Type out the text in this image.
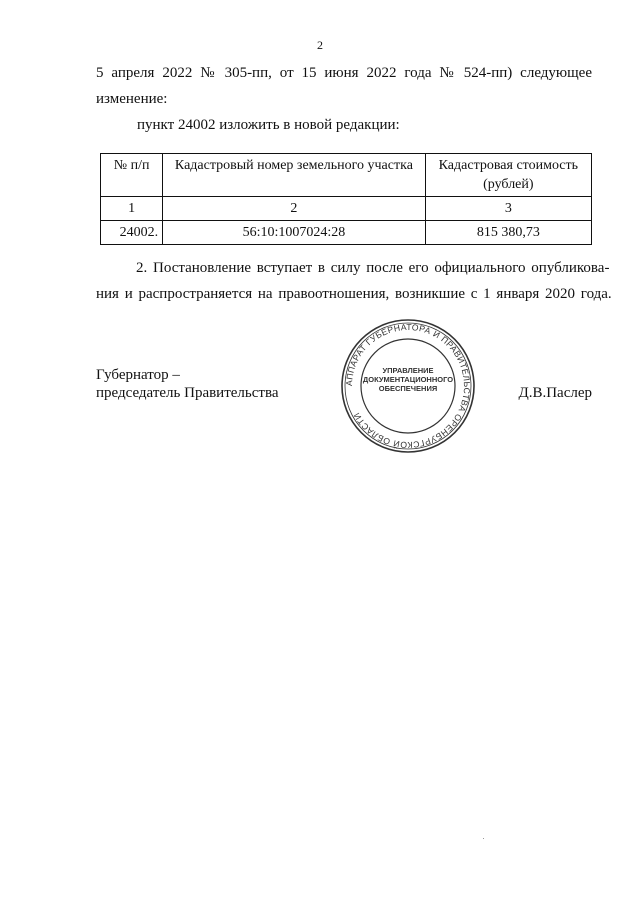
2
5 апреля 2022 № 305-пп, от 15 июня 2022 года № 524-пп) следующее
изменение:
пункт 24002 изложить в новой редакции:
№ п/п	Кадастровый номер земельного участка	Кадастровая стоимость
(рублей)

1	2	3
24002.	56:10:1007024:28	815 380,73
2. Постановление вступает в силу после его официального опубликова-
ния и распространяется на правоотношения, возникшие с 1 января 2020 года.
Губернатор –
председатель Правительства
АППАРАТ ГУБЕРНАТОРА И ПРАВИТЕЛЬСТВА ОРЕНБУРГСКОЙ ОБЛАСТИ
УПРАВЛЕНИЕ
ДОКУМЕНТАЦИОННОГО
ОБЕСПЕЧЕНИЯ	Д.В.Паслер
